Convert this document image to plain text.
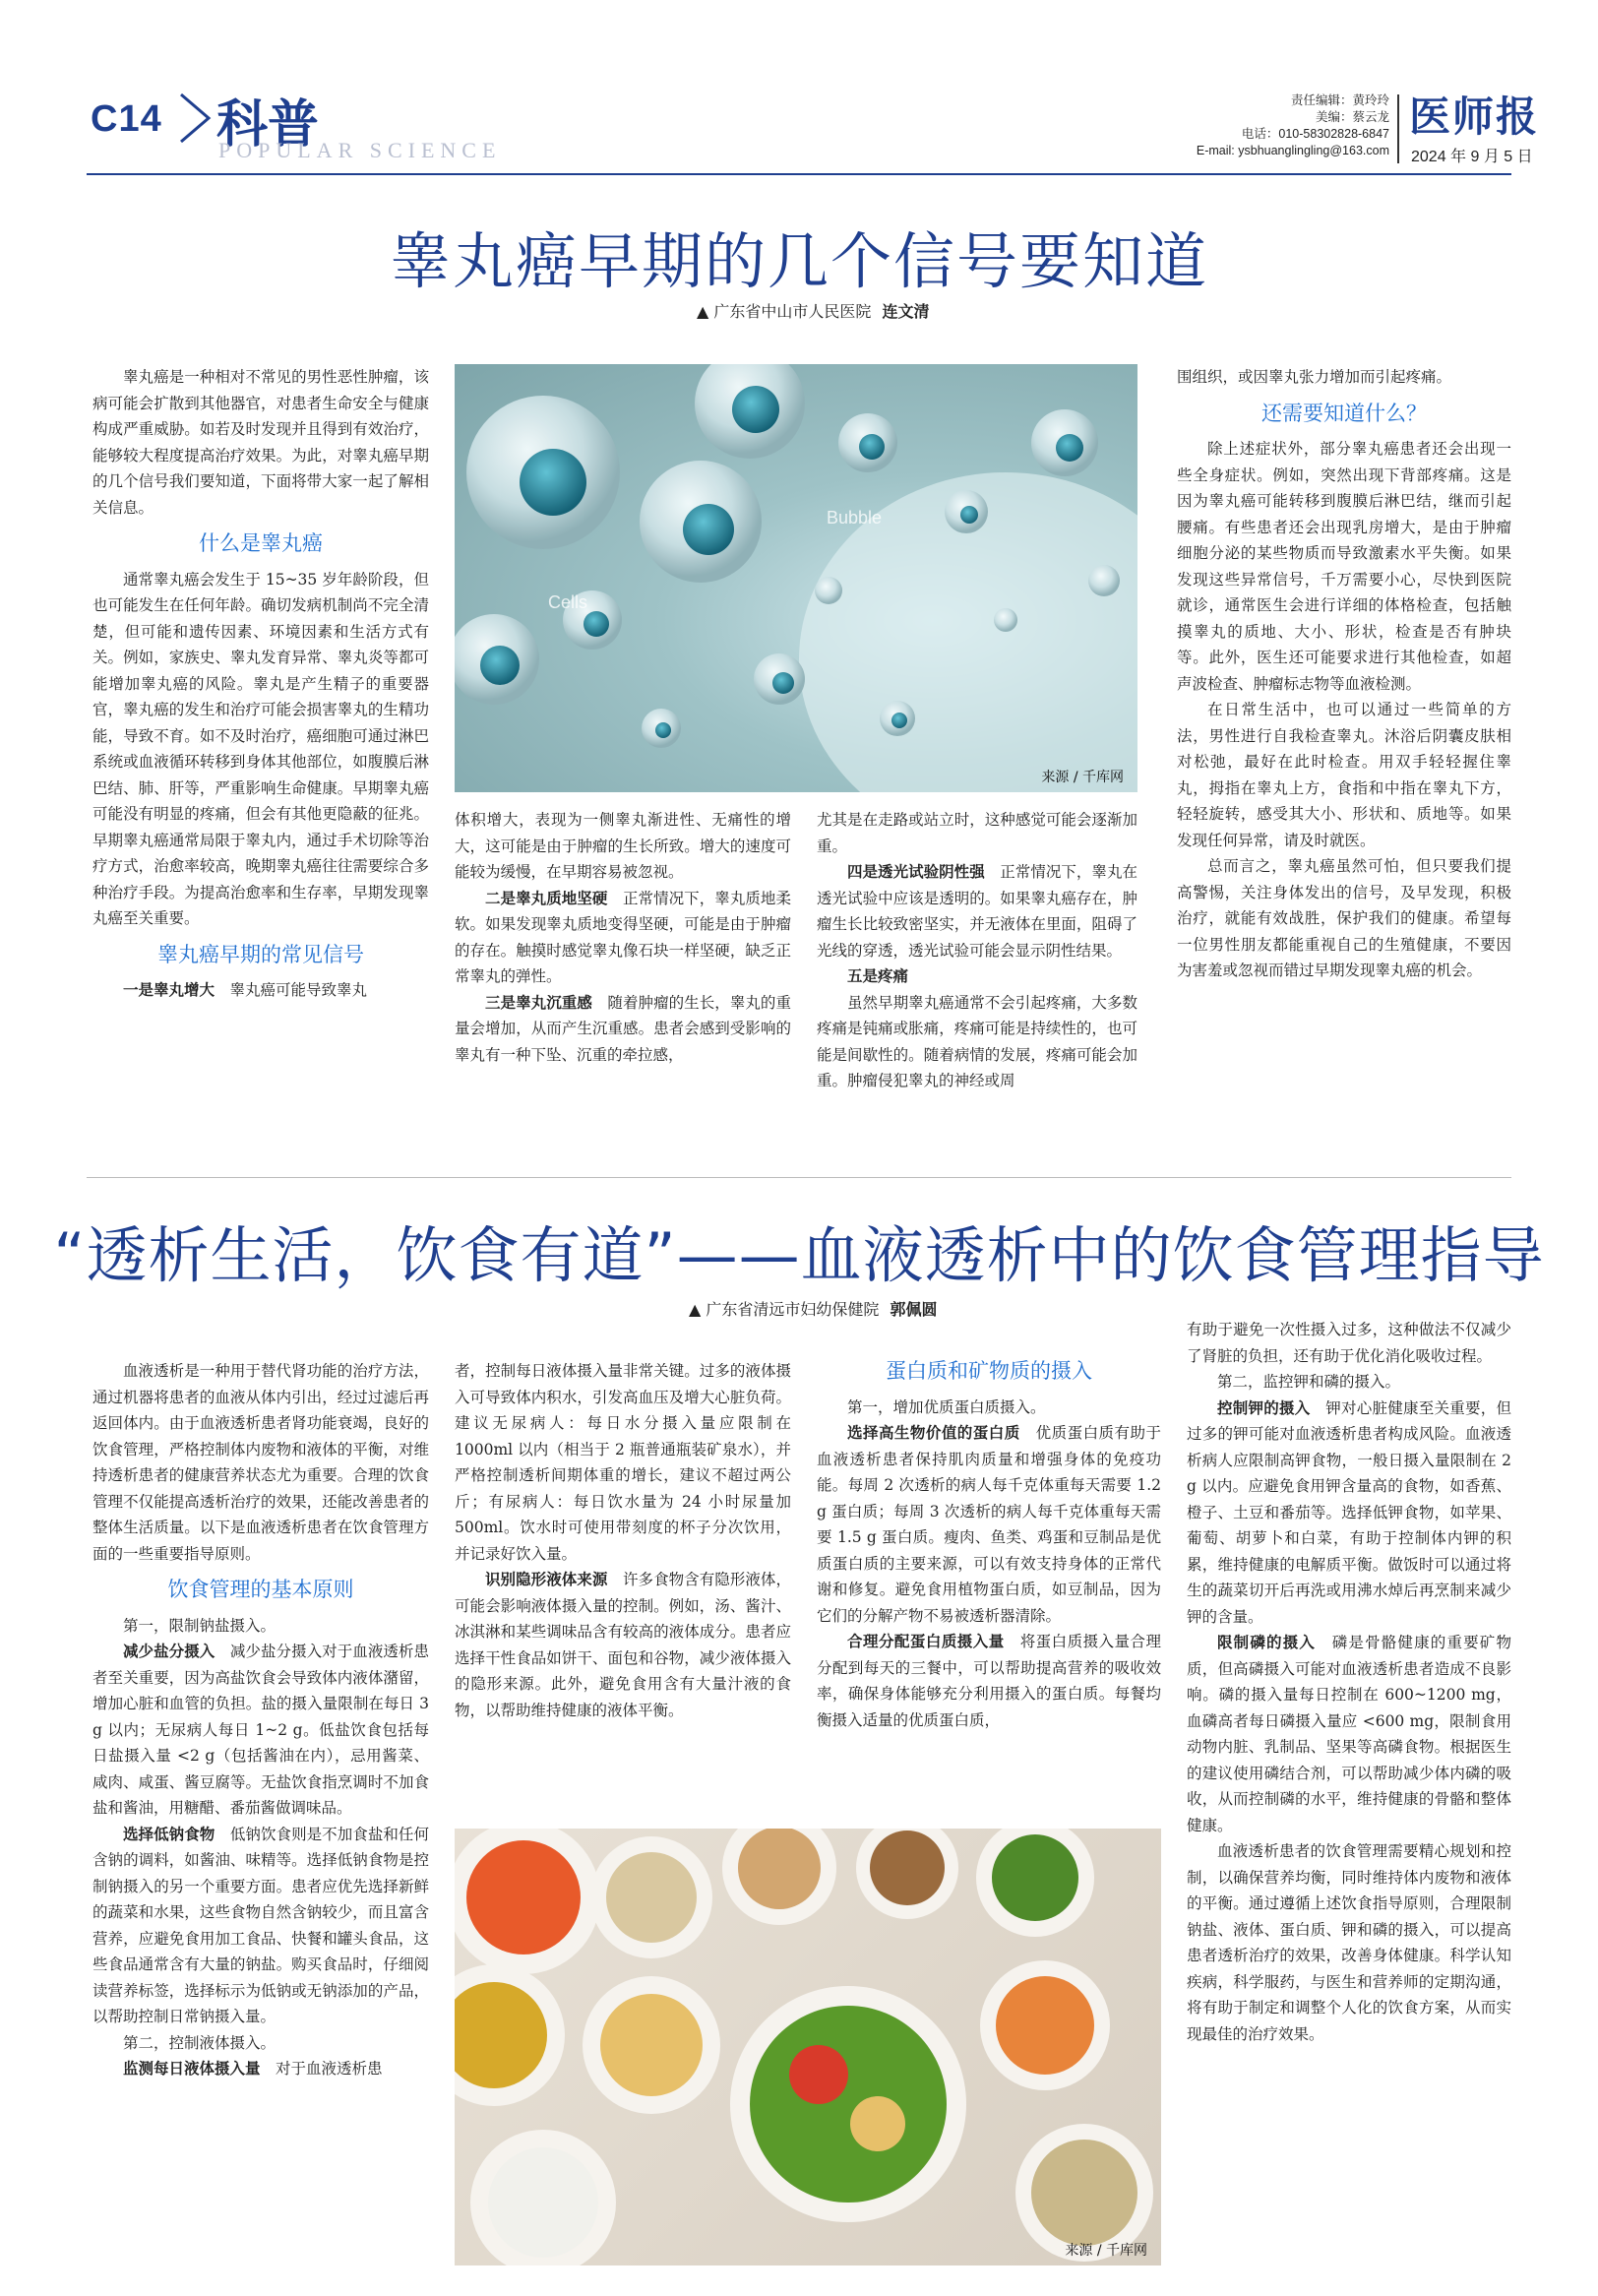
C14 科普
POPULAR SCIENCE
责任编辑：黄玲玲
美编：蔡云龙
电话：010-58302828-6847
E-mail: ysbhuanglingling@163.com
医师报
2024 年 9 月 5 日
睾丸癌早期的几个信号要知道
▲ 广东省中山市人民医院 连文清

睾丸癌是一种相对不常见的男性恶性肿瘤，该病可能会扩散到其他器官，对患者生命安全与健康构成严重威胁。如若及时发现并且得到有效治疗，能够较大程度提高治疗效果。为此，对睾丸癌早期的几个信号我们要知道，下面将带大家一起了解相关信息。

什么是睾丸癌

通常睾丸癌会发生于 15~35 岁年龄阶段，但也可能发生在任何年龄。确切发病机制尚不完全清楚，但可能和遗传因素、环境因素和生活方式有关。例如，家族史、睾丸发育异常、睾丸炎等都可能增加睾丸癌的风险。睾丸是产生精子的重要器官，睾丸癌的发生和治疗可能会损害睾丸的生精功能，导致不育。如不及时治疗，癌细胞可通过淋巴系统或血液循环转移到身体其他部位，如腹膜后淋巴结、肺、肝等，严重影响生命健康。早期睾丸癌可能没有明显的疼痛，但会有其他更隐蔽的征兆。早期睾丸癌通常局限于睾丸内，通过手术切除等治疗方式，治愈率较高，晚期睾丸癌往往需要综合多种治疗手段。为提高治愈率和生存率，早期发现睾丸癌至关重要。

睾丸癌早期的常见信号

一是睾丸增大　 睾丸癌可能导致睾丸

Cells
Bubble
来源 / 千库网

体积增大，表现为一侧睾丸渐进性、无痛性的增大，这可能是由于肿瘤的生长所致。增大的速度可能较为缓慢，在早期容易被忽视。

二是睾丸质地坚硬　 正常情况下，睾丸质地柔软。如果发现睾丸质地变得坚硬，可能是由于肿瘤的存在。触摸时感觉睾丸像石块一样坚硬，缺乏正常睾丸的弹性。

三是睾丸沉重感　 随着肿瘤的生长，睾丸的重量会增加，从而产生沉重感。患者会感到受影响的睾丸有一种下坠、沉重的牵拉感，

尤其是在走路或站立时，这种感觉可能会逐渐加重。

四是透光试验阴性强　 正常情况下，睾丸在透光试验中应该是透明的。如果睾丸癌存在，肿瘤生长比较致密坚实，并无液体在里面，阻碍了光线的穿透，透光试验可能会显示阴性结果。

五是疼痛

虽然早期睾丸癌通常不会引起疼痛，大多数疼痛是钝痛或胀痛，疼痛可能是持续性的，也可能是间歇性的。随着病情的发展，疼痛可能会加重。肿瘤侵犯睾丸的神经或周

围组织，或因睾丸张力增加而引起疼痛。

还需要知道什么？

除上述症状外，部分睾丸癌患者还会出现一些全身症状。例如，突然出现下背部疼痛。这是因为睾丸癌可能转移到腹膜后淋巴结，继而引起腰痛。有些患者还会出现乳房增大，是由于肿瘤细胞分泌的某些物质而导致激素水平失衡。如果发现这些异常信号，千万需要小心，尽快到医院就诊，通常医生会进行详细的体格检查，包括触摸睾丸的质地、大小、形状，检查是否有肿块等。此外，医生还可能要求进行其他检查，如超声波检查、肿瘤标志物等血液检测。

在日常生活中，也可以通过一些简单的方法，男性进行自我检查睾丸。沐浴后阴囊皮肤相对松弛，最好在此时检查。用双手轻轻握住睾丸，拇指在睾丸上方，食指和中指在睾丸下方，轻轻旋转，感受其大小、形状和、质地等。如果发现任何异常，请及时就医。

总而言之，睾丸癌虽然可怕，但只要我们提高警惕，关注身体发出的信号，及早发现，积极治疗，就能有效战胜，保护我们的健康。希望每一位男性朋友都能重视自己的生殖健康，不要因为害羞或忽视而错过早期发现睾丸癌的机会。

“透析生活，饮食有道”——血液透析中的饮食管理指导
▲ 广东省清远市妇幼保健院 郭佩圆

血液透析是一种用于替代肾功能的治疗方法，通过机器将患者的血液从体内引出，经过过滤后再返回体内。由于血液透析患者肾功能衰竭，良好的饮食管理，严格控制体内废物和液体的平衡，对维持透析患者的健康营养状态尤为重要。合理的饮食管理不仅能提高透析治疗的效果，还能改善患者的整体生活质量。以下是血液透析患者在饮食管理方面的一些重要指导原则。

饮食管理的基本原则

第一，限制钠盐摄入。

减少盐分摄入　 减少盐分摄入对于血液透析患者至关重要，因为高盐饮食会导致体内液体潴留，增加心脏和血管的负担。盐的摄入量限制在每日 3 g 以内；无尿病人每日 1~2 g。低盐饮食包括每日盐摄入量 <2 g（包括酱油在内），忌用酱菜、咸肉、咸蛋、酱豆腐等。无盐饮食指烹调时不加食盐和酱油，用糖醋、番茄酱做调味品。

选择低钠食物　 低钠饮食则是不加食盐和任何含钠的调料，如酱油、味精等。选择低钠食物是控制钠摄入的另一个重要方面。患者应优先选择新鲜的蔬菜和水果，这些食物自然含钠较少，而且富含营养，应避免食用加工食品、快餐和罐头食品，这些食品通常含有大量的钠盐。购买食品时，仔细阅读营养标签，选择标示为低钠或无钠添加的产品，以帮助控制日常钠摄入量。

第二，控制液体摄入。

监测每日液体摄入量　 对于血液透析患

者，控制每日液体摄入量非常关键。过多的液体摄入可导致体内积水，引发高血压及增大心脏负荷。建议无尿病人：每日水分摄入量应限制在 1000ml 以内（相当于 2 瓶普通瓶装矿泉水），并严格控制透析间期体重的增长，建议不超过两公斤；有尿病人：每日饮水量为 24 小时尿量加 500ml。饮水时可使用带刻度的杯子分次饮用，并记录好饮入量。

识别隐形液体来源　 许多食物含有隐形液体，可能会影响液体摄入量的控制。例如，汤、酱汁、冰淇淋和某些调味品含有较高的液体成分。患者应选择干性食品如饼干、面包和谷物，减少液体摄入的隐形来源。此外，避免食用含有大量汁液的食物，以帮助维持健康的液体平衡。

蛋白质和矿物质的摄入

第一，增加优质蛋白质摄入。

选择高生物价值的蛋白质　 优质蛋白质有助于血液透析患者保持肌肉质量和增强身体的免疫功能。每周 2 次透析的病人每千克体重每天需要 1.2 g 蛋白质；每周 3 次透析的病人每千克体重每天需要 1.5 g 蛋白质。瘦肉、鱼类、鸡蛋和豆制品是优质蛋白质的主要来源，可以有效支持身体的正常代谢和修复。避免食用植物蛋白质，如豆制品，因为它们的分解产物不易被透析器清除。

合理分配蛋白质摄入量　 将蛋白质摄入量合理分配到每天的三餐中，可以帮助提高营养的吸收效率，确保身体能够充分利用摄入的蛋白质。每餐均衡摄入适量的优质蛋白质，

来源 / 千库网

有助于避免一次性摄入过多，这种做法不仅减少了肾脏的负担，还有助于优化消化吸收过程。

第二，监控钾和磷的摄入。

控制钾的摄入　 钾对心脏健康至关重要，但过多的钾可能对血液透析患者构成风险。血液透析病人应限制高钾食物，一般日摄入量限制在 2 g 以内。应避免食用钾含量高的食物，如香蕉、橙子、土豆和番茄等。选择低钾食物，如苹果、葡萄、胡萝卜和白菜，有助于控制体内钾的积累，维持健康的电解质平衡。做饭时可以通过将生的蔬菜切开后再洗或用沸水焯后再烹制来减少钾的含量。

限制磷的摄入　 磷是骨骼健康的重要矿物质，但高磷摄入可能对血液透析患者造成不良影响。磷的摄入量每日控制在 600~1200 mg，血磷高者每日磷摄入量应 <600 mg，限制食用动物内脏、乳制品、坚果等高磷食物。根据医生的建议使用磷结合剂，可以帮助减少体内磷的吸收，从而控制磷的水平，维持健康的骨骼和整体健康。

血液透析患者的饮食管理需要精心规划和控制，以确保营养均衡，同时维持体内废物和液体的平衡。通过遵循上述饮食指导原则，合理限制钠盐、液体、蛋白质、钾和磷的摄入，可以提高患者透析治疗的效果，改善身体健康。科学认知疾病，科学服药，与医生和营养师的定期沟通，将有助于制定和调整个人化的饮食方案，从而实现最佳的治疗效果。
